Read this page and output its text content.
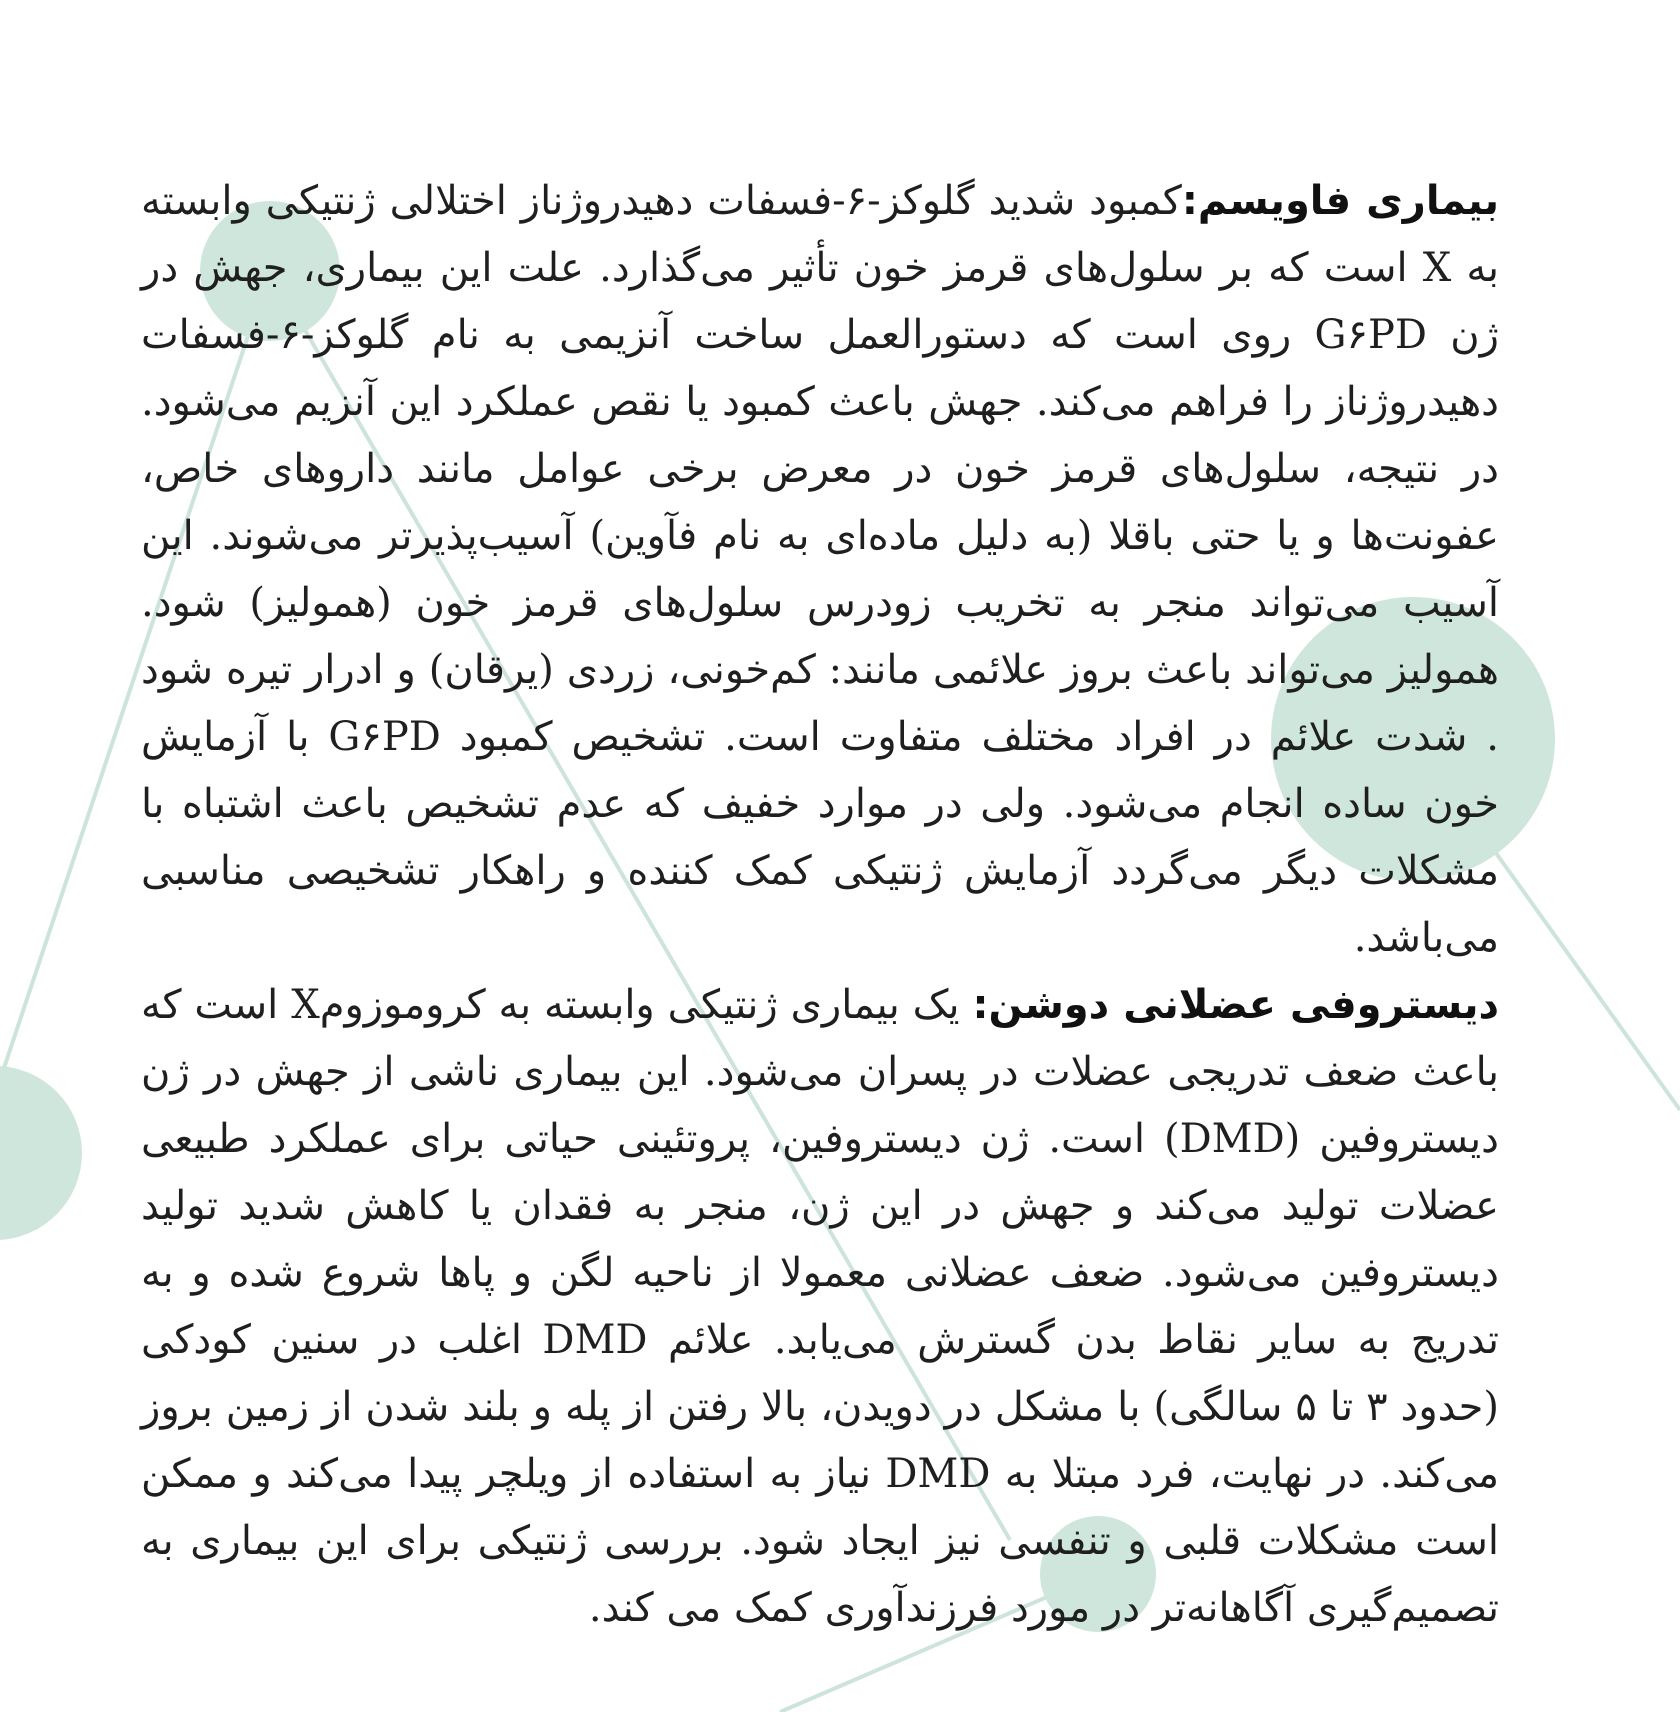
بیماری فاویسم:کمبود شدید گلوکز-۶-فسفات دهیدروژناز اختلالی ژنتیکی وابسته به X است که بر سلول‌های قرمز خون تأثیر می‌گذارد. علت این بیماری، جهش در ژن G۶PD روی است که دستورالعمل ساخت آنزیمی به نام گلوکز-۶-فسفات دهیدروژناز را فراهم می‌کند. جهش باعث کمبود یا نقص عملکرد این آنزیم می‌شود. در نتیجه، سلول‌های قرمز خون در معرض برخی عوامل مانند داروهای خاص، عفونت‌ها و یا حتی باقلا (به دلیل ماده‌ای به نام فآوین) آسیب‌پذیرتر می‌شوند. این آسیب می‌تواند منجر به تخریب زودرس سلول‌های قرمز خون (همولیز) شود. همولیز می‌تواند باعث بروز علائمی مانند: کم‌خونی، زردی (یرقان) و ادرار تیره شود . شدت علائم در افراد مختلف متفاوت است. تشخیص کمبود G۶PD با آزمایش خون ساده انجام می‌شود. ولی در موارد خفیف که عدم تشخیص باعث اشتباه با مشکلات دیگر می‌گردد آزمایش ژنتیکی کمک کننده و راهکار تشخیصی مناسبی می‌باشد.

دیستروفی عضلانی دوشن: یک بیماری ژنتیکی وابسته به کروموزومX است که باعث ضعف تدریجی عضلات در پسران می‌شود. این بیماری ناشی از جهش در ژن دیستروفین (DMD) است. ژن دیستروفین، پروتئینی حیاتی برای عملکرد طبیعی عضلات تولید می‌کند و جهش در این ژن، منجر به فقدان یا کاهش شدید تولید دیستروفین می‌شود. ضعف عضلانی معمولا از ناحیه لگن و پاها شروع شده و به تدریج به سایر نقاط بدن گسترش می‌یابد. علائم DMD اغلب در سنین کودکی (حدود ۳ تا ۵ سالگی) با مشکل در دویدن، بالا رفتن از پله و بلند شدن از زمین بروز می‌کند. در نهایت، فرد مبتلا به DMD نیاز به استفاده از ویلچر پیدا می‌کند و ممکن است مشکلات قلبی و تنفسی نیز ایجاد شود. بررسی ژنتیکی برای این بیماری به تصمیم‌گیری آگاهانه‌تر در مورد فرزندآوری کمک می کند.
